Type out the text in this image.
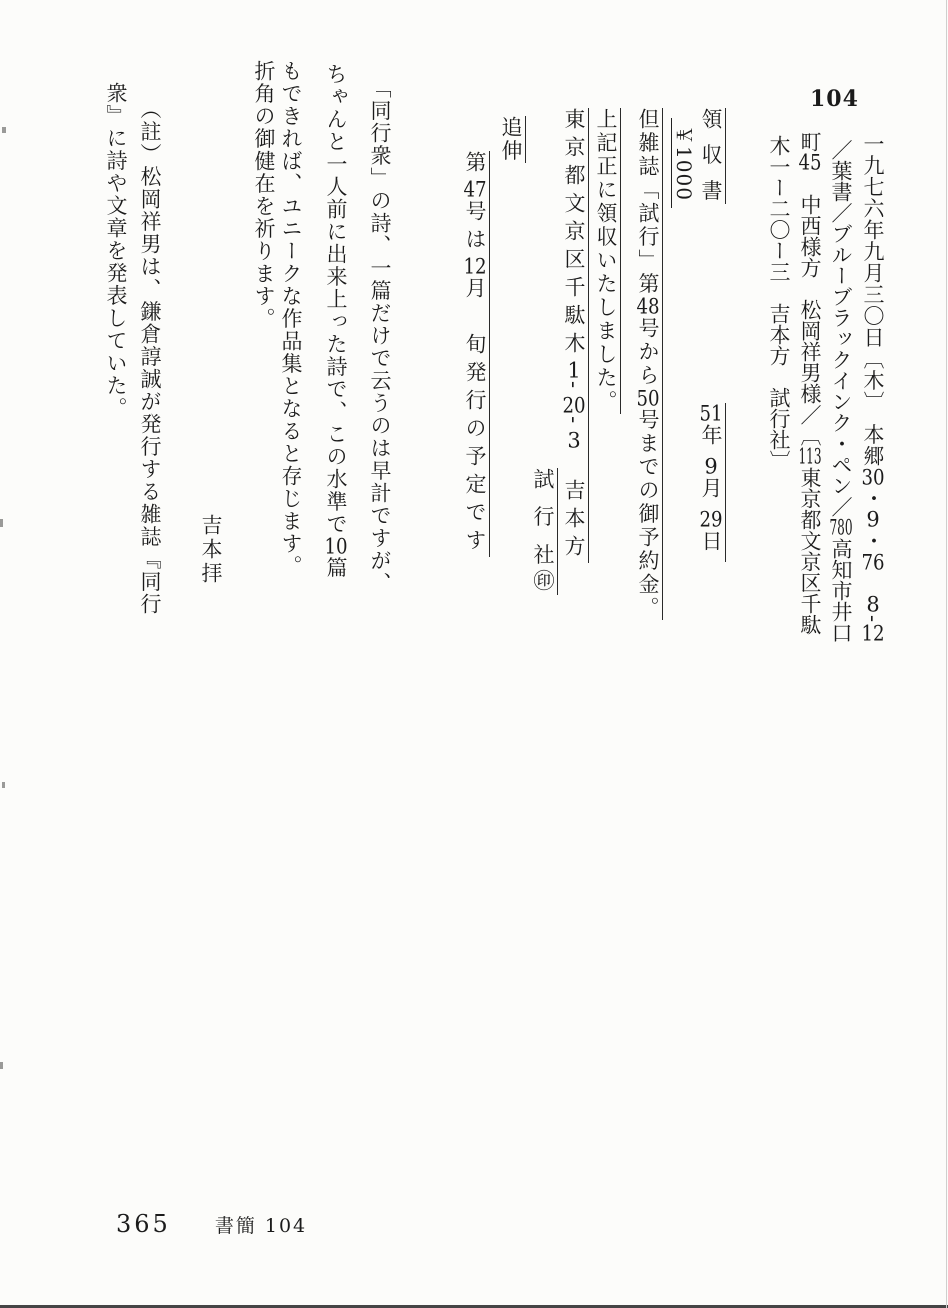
104
一九七六年九月三〇日〔木〕　本郷30・9・76　8-12
／葉書／ブルーブラックインク・ペン／780高知市井口
町45　中西様方　松岡祥男様／〔113東京都文京区千駄
木一ー二〇ー三　吉本方　試行社〕
領 収 書
51年9月29日
￥1000
但雑誌「試行」第48号から50号までの御予約金。
上記正に領収いたしました。
東京都文京区千駄木1-20-3　吉本方
試 行 社㊞
追伸
第47号は12月　旬発行の予定です
「同行衆」の詩、一篇だけで云うのは早計ですが、
ちゃんと一人前に出来上った詩で、この水準で10篇
もできれば、ユニークな作品集となると存じます。
折角の御健在を祈ります。
吉本拝
（註）松岡祥男は、鎌倉諄誠が発行する雑誌『同行
衆』に詩や文章を発表していた。
365 書簡 104
